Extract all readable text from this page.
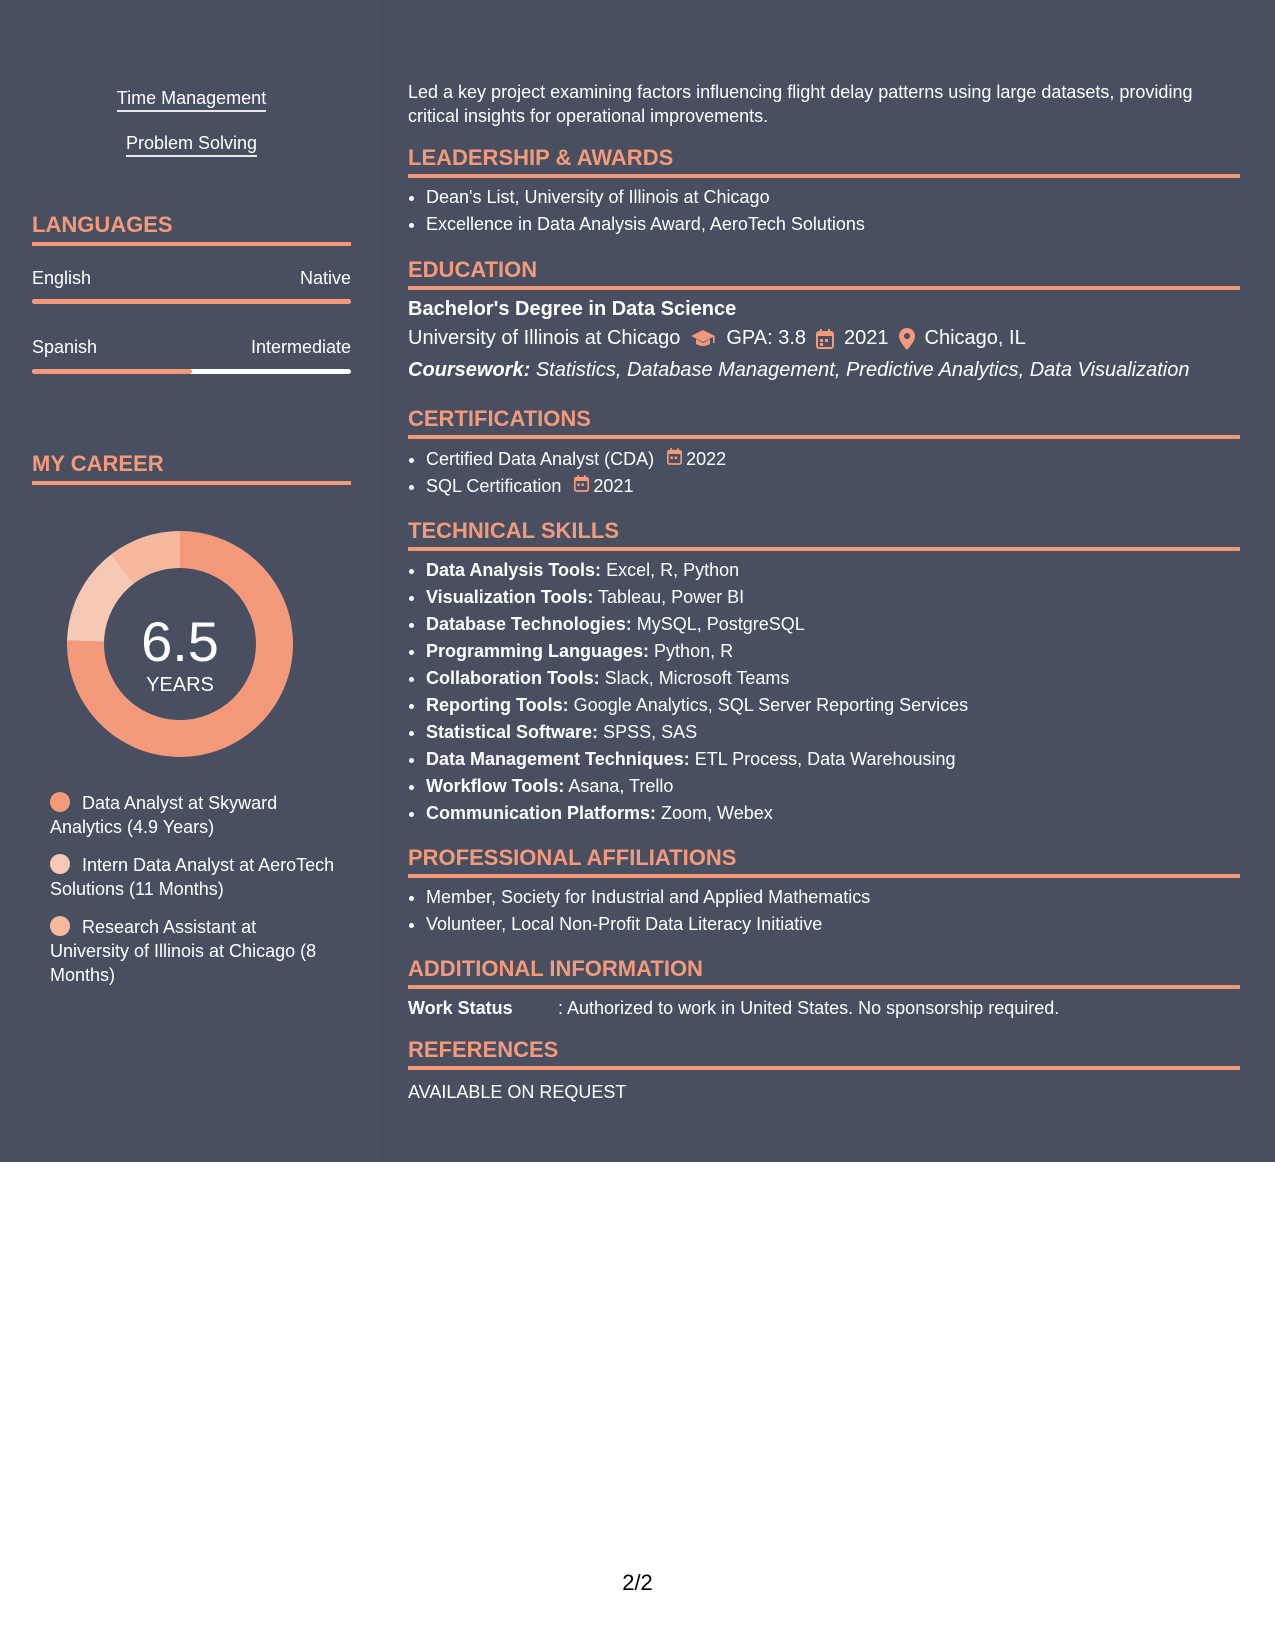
Time Management
Problem Solving
LANGUAGES
English	Native
Spanish	Intermediate
MY CAREER
6.5
YEARS
Data Analyst at Skyward Analytics (4.9 Years)
Intern Data Analyst at AeroTech Solutions (11 Months)
Research Assistant at University of Illinois at Chicago (8 Months)
Led a key project examining factors influencing flight delay patterns using large datasets, providing critical insights for operational improvements.
LEADERSHIP & AWARDS
• Dean's List, University of Illinois at Chicago
• Excellence in Data Analysis Award, AeroTech Solutions
EDUCATION
Bachelor's Degree in Data Science
University of Illinois at Chicago GPA: 3.8 2021 Chicago, IL
Coursework: Statistics, Database Management, Predictive Analytics, Data Visualization
CERTIFICATIONS
• Certified Data Analyst (CDA) 2022
• SQL Certification 2021
TECHNICAL SKILLS
• Data Analysis Tools: Excel, R, Python
• Visualization Tools: Tableau, Power BI
• Database Technologies: MySQL, PostgreSQL
• Programming Languages: Python, R
• Collaboration Tools: Slack, Microsoft Teams
• Reporting Tools: Google Analytics, SQL Server Reporting Services
• Statistical Software: SPSS, SAS
• Data Management Techniques: ETL Process, Data Warehousing
• Workflow Tools: Asana, Trello
• Communication Platforms: Zoom, Webex
PROFESSIONAL AFFILIATIONS
• Member, Society for Industrial and Applied Mathematics
• Volunteer, Local Non-Profit Data Literacy Initiative
ADDITIONAL INFORMATION
Work Status	: Authorized to work in United States. No sponsorship required.
REFERENCES
AVAILABLE ON REQUEST
2/2
